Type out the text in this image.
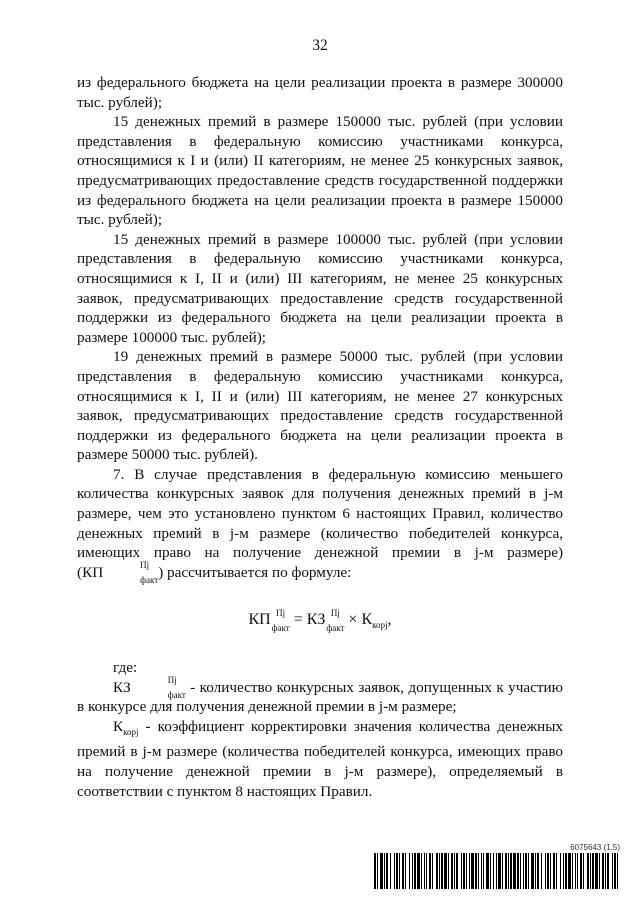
32

из федерального бюджета на цели реализации проекта в размере 300000 тыс. рублей);

15 денежных премий в размере 150000 тыс. рублей (при условии представления в федеральную комиссию участниками конкурса, относящимися к I и (или) II категориям, не менее 25 конкурсных заявок, предусматривающих предоставление средств государственной поддержки из федерального бюджета на цели реализации проекта в размере 150000 тыс. рублей);

15 денежных премий в размере 100000 тыс. рублей (при условии представления в федеральную комиссию участниками конкурса, относящимися к I, II и (или) III категориям, не менее 25 конкурсных заявок, предусматривающих предоставление средств государственной поддержки из федерального бюджета на цели реализации проекта в размере 100000 тыс. рублей);

19 денежных премий в размере 50000 тыс. рублей (при условии представления в федеральную комиссию участниками конкурса, относящимися к I, II и (или) III категориям, не менее 27 конкурсных заявок, предусматривающих предоставление средств государственной поддержки из федерального бюджета на цели реализации проекта в размере 50000 тыс. рублей).

7. В случае представления в федеральную комиссию меньшего количества конкурсных заявок для получения денежных премий в j-м размере, чем это установлено пунктом 6 настоящих Правил, количество денежных премий в j-м размере (количество победителей конкурса, имеющих право на получение денежной премии в j-м размере) (КП	Пj
факт ) рассчитывается по формуле:

КП Пj
факт = КЗ Пj
факт × $К_{корj}$,

где:

КЗ	Пj
факт - количество конкурсных заявок, допущенных к участию в конкурсе для получения денежной премии в j-м размере;

$К_{корj}$ - коэффициент корректировки значения количества денежных премий в j-м размере (количества победителей конкурса, имеющих право на получение денежной премии в j-м размере), определяемый в соответствии с пунктом 8 настоящих Правил.

6075643 (1.5)
